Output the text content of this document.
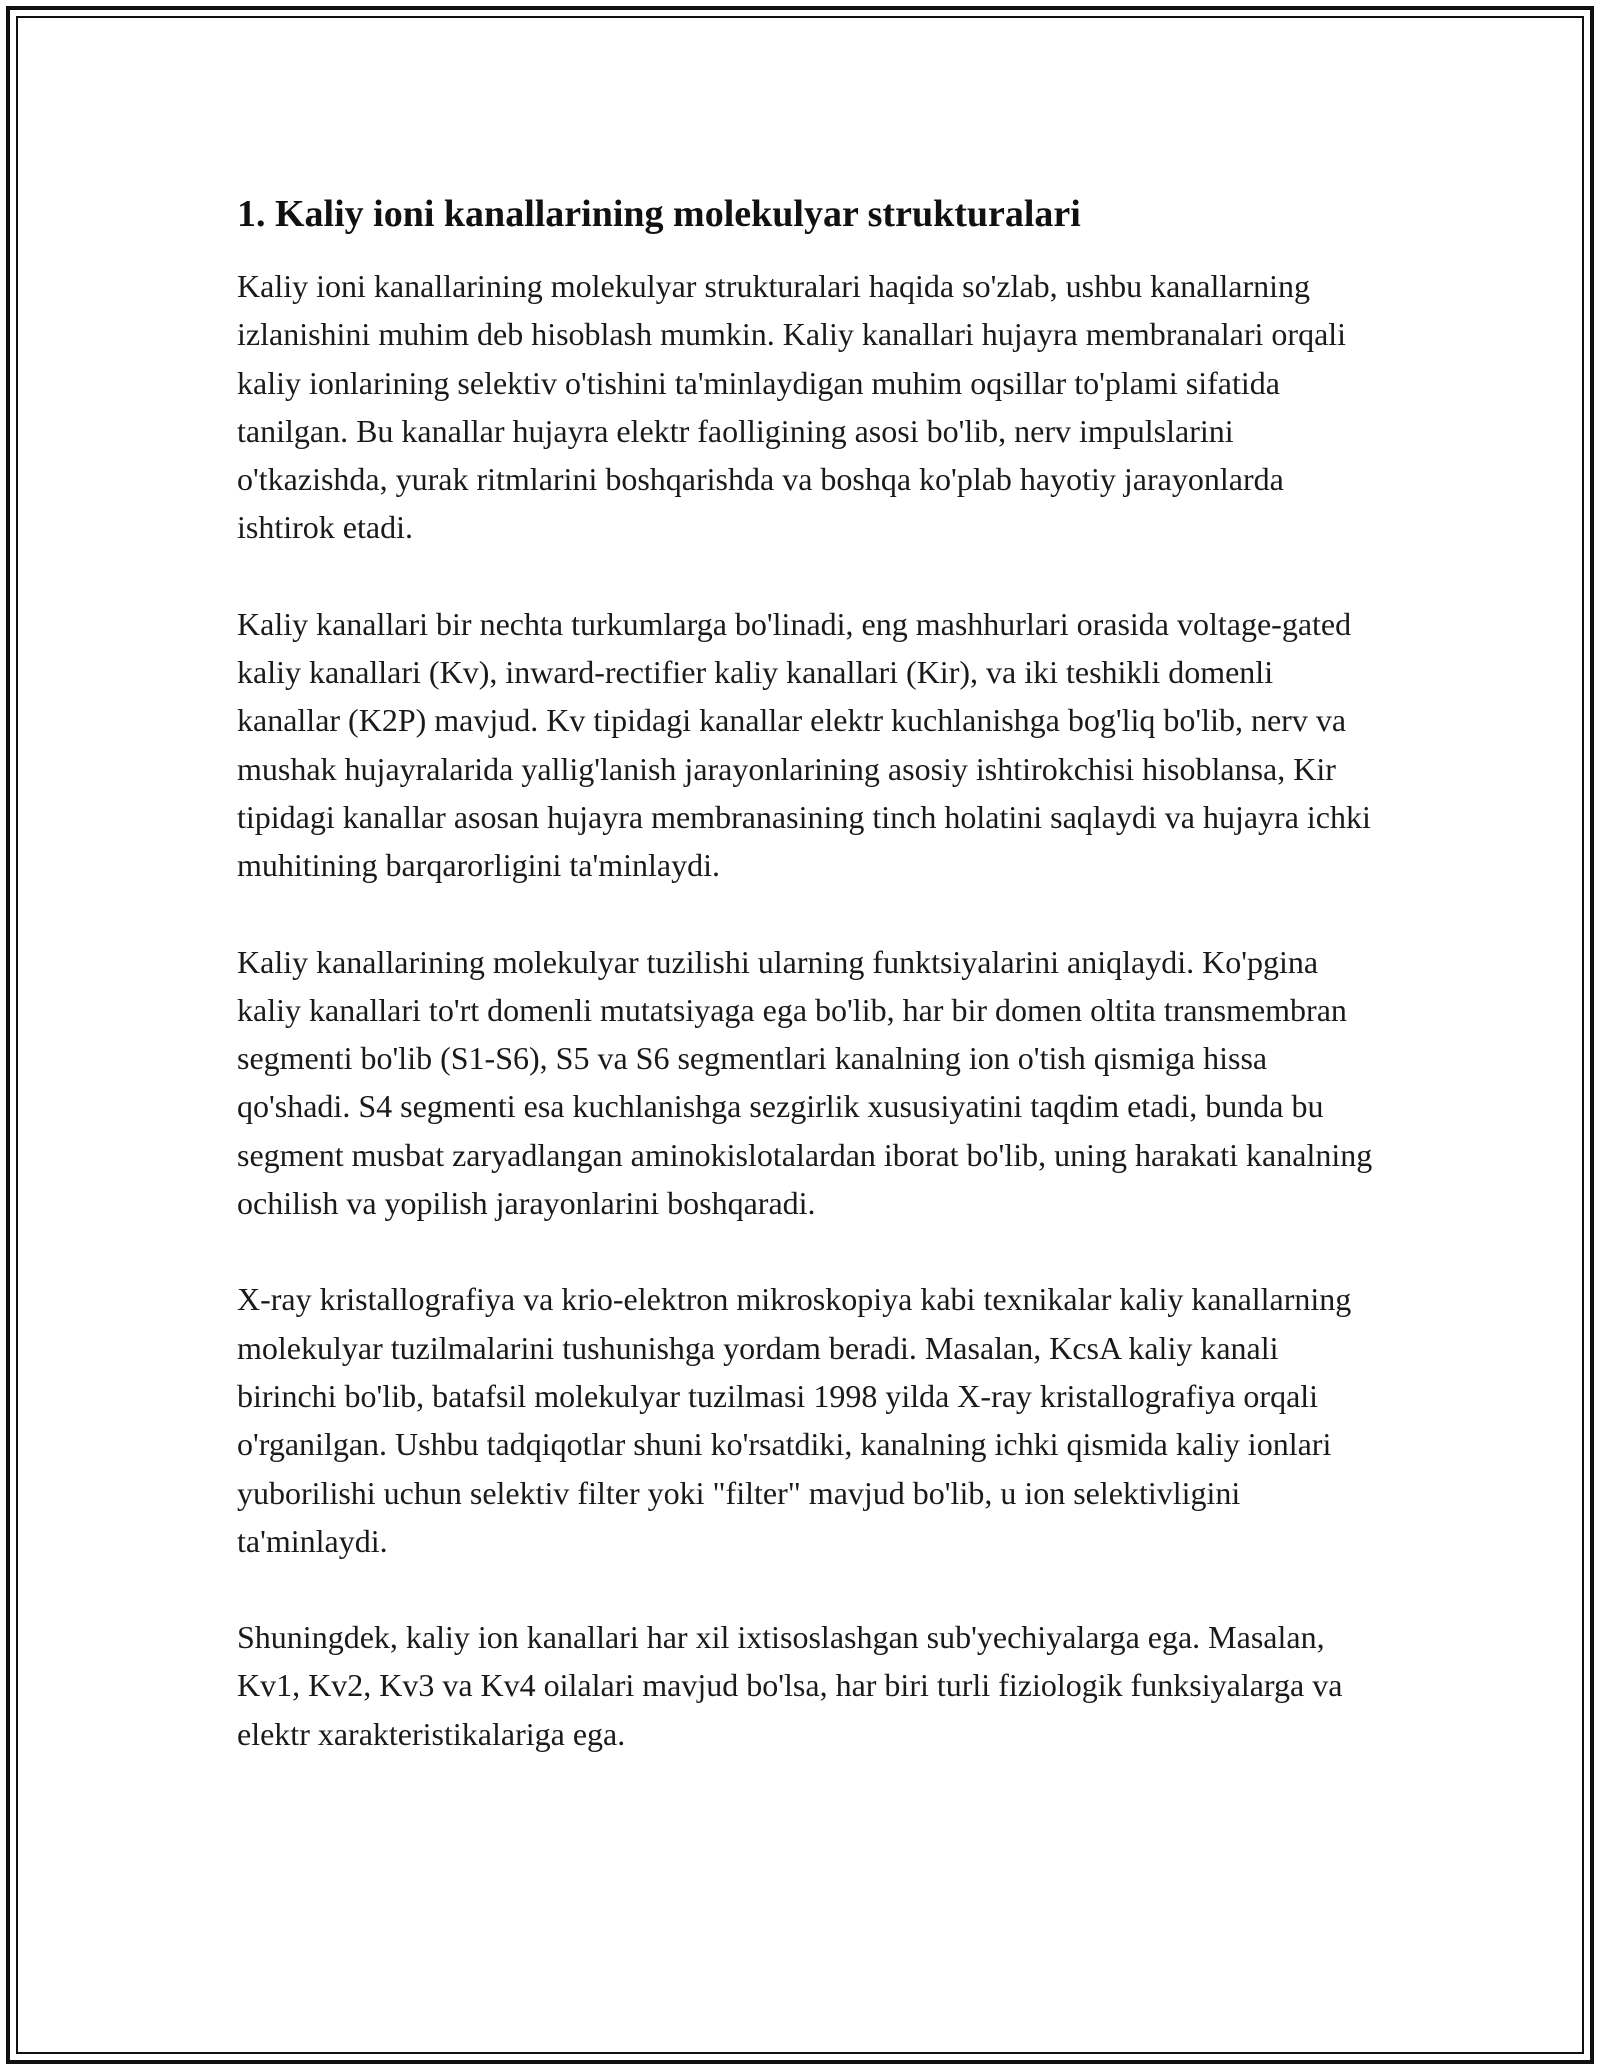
1. Kaliy ioni kanallarining molekulyar strukturalari

Kaliy ioni kanallarining molekulyar strukturalari haqida so'zlab, ushbu kanallarning izlanishini muhim deb hisoblash mumkin. Kaliy kanallari hujayra membranalari orqali kaliy ionlarining selektiv o'tishini ta'minlaydigan muhim oqsillar to'plami sifatida tanilgan. Bu kanallar hujayra elektr faolligining asosi bo'lib, nerv impulslarini o'tkazishda, yurak ritmlarini boshqarishda va boshqa ko'plab hayotiy jarayonlarda ishtirok etadi.

Kaliy kanallari bir nechta turkumlarga bo'linadi, eng mashhurlari orasida voltage-gated kaliy kanallari (Kv), inward-rectifier kaliy kanallari (Kir), va iki teshikli domenli kanallar (K2P) mavjud. Kv tipidagi kanallar elektr kuchlanishga bog'liq bo'lib, nerv va mushak hujayralarida yallig'lanish jarayonlarining asosiy ishtirokchisi hisoblansa, Kir tipidagi kanallar asosan hujayra membranasining tinch holatini saqlaydi va hujayra ichki muhitining barqarorligini ta'minlaydi.

Kaliy kanallarining molekulyar tuzilishi ularning funktsiyalarini aniqlaydi. Ko'pgina kaliy kanallari to'rt domenli mutatsiyaga ega bo'lib, har bir domen oltita transmembran segmenti bo'lib (S1-S6), S5 va S6 segmentlari kanalning ion o'tish qismiga hissa qo'shadi. S4 segmenti esa kuchlanishga sezgirlik xususiyatini taqdim etadi, bunda bu segment musbat zaryadlangan aminokislotalardan iborat bo'lib, uning harakati kanalning ochilish va yopilish jarayonlarini boshqaradi.

X-ray kristallografiya va krio-elektron mikroskopiya kabi texnikalar kaliy kanallarning molekulyar tuzilmalarini tushunishga yordam beradi. Masalan, KcsA kaliy kanali birinchi bo'lib, batafsil molekulyar tuzilmasi 1998 yilda X-ray kristallografiya orqali o'rganilgan. Ushbu tadqiqotlar shuni ko'rsatdiki, kanalning ichki qismida kaliy ionlari yuborilishi uchun selektiv filter yoki "filter" mavjud bo'lib, u ion selektivligini ta'minlaydi.

Shuningdek, kaliy ion kanallari har xil ixtisoslashgan sub'yechiyalarga ega. Masalan, Kv1, Kv2, Kv3 va Kv4 oilalari mavjud bo'lsa, har biri turli fiziologik funksiyalarga va elektr xarakteristikalariga ega.
